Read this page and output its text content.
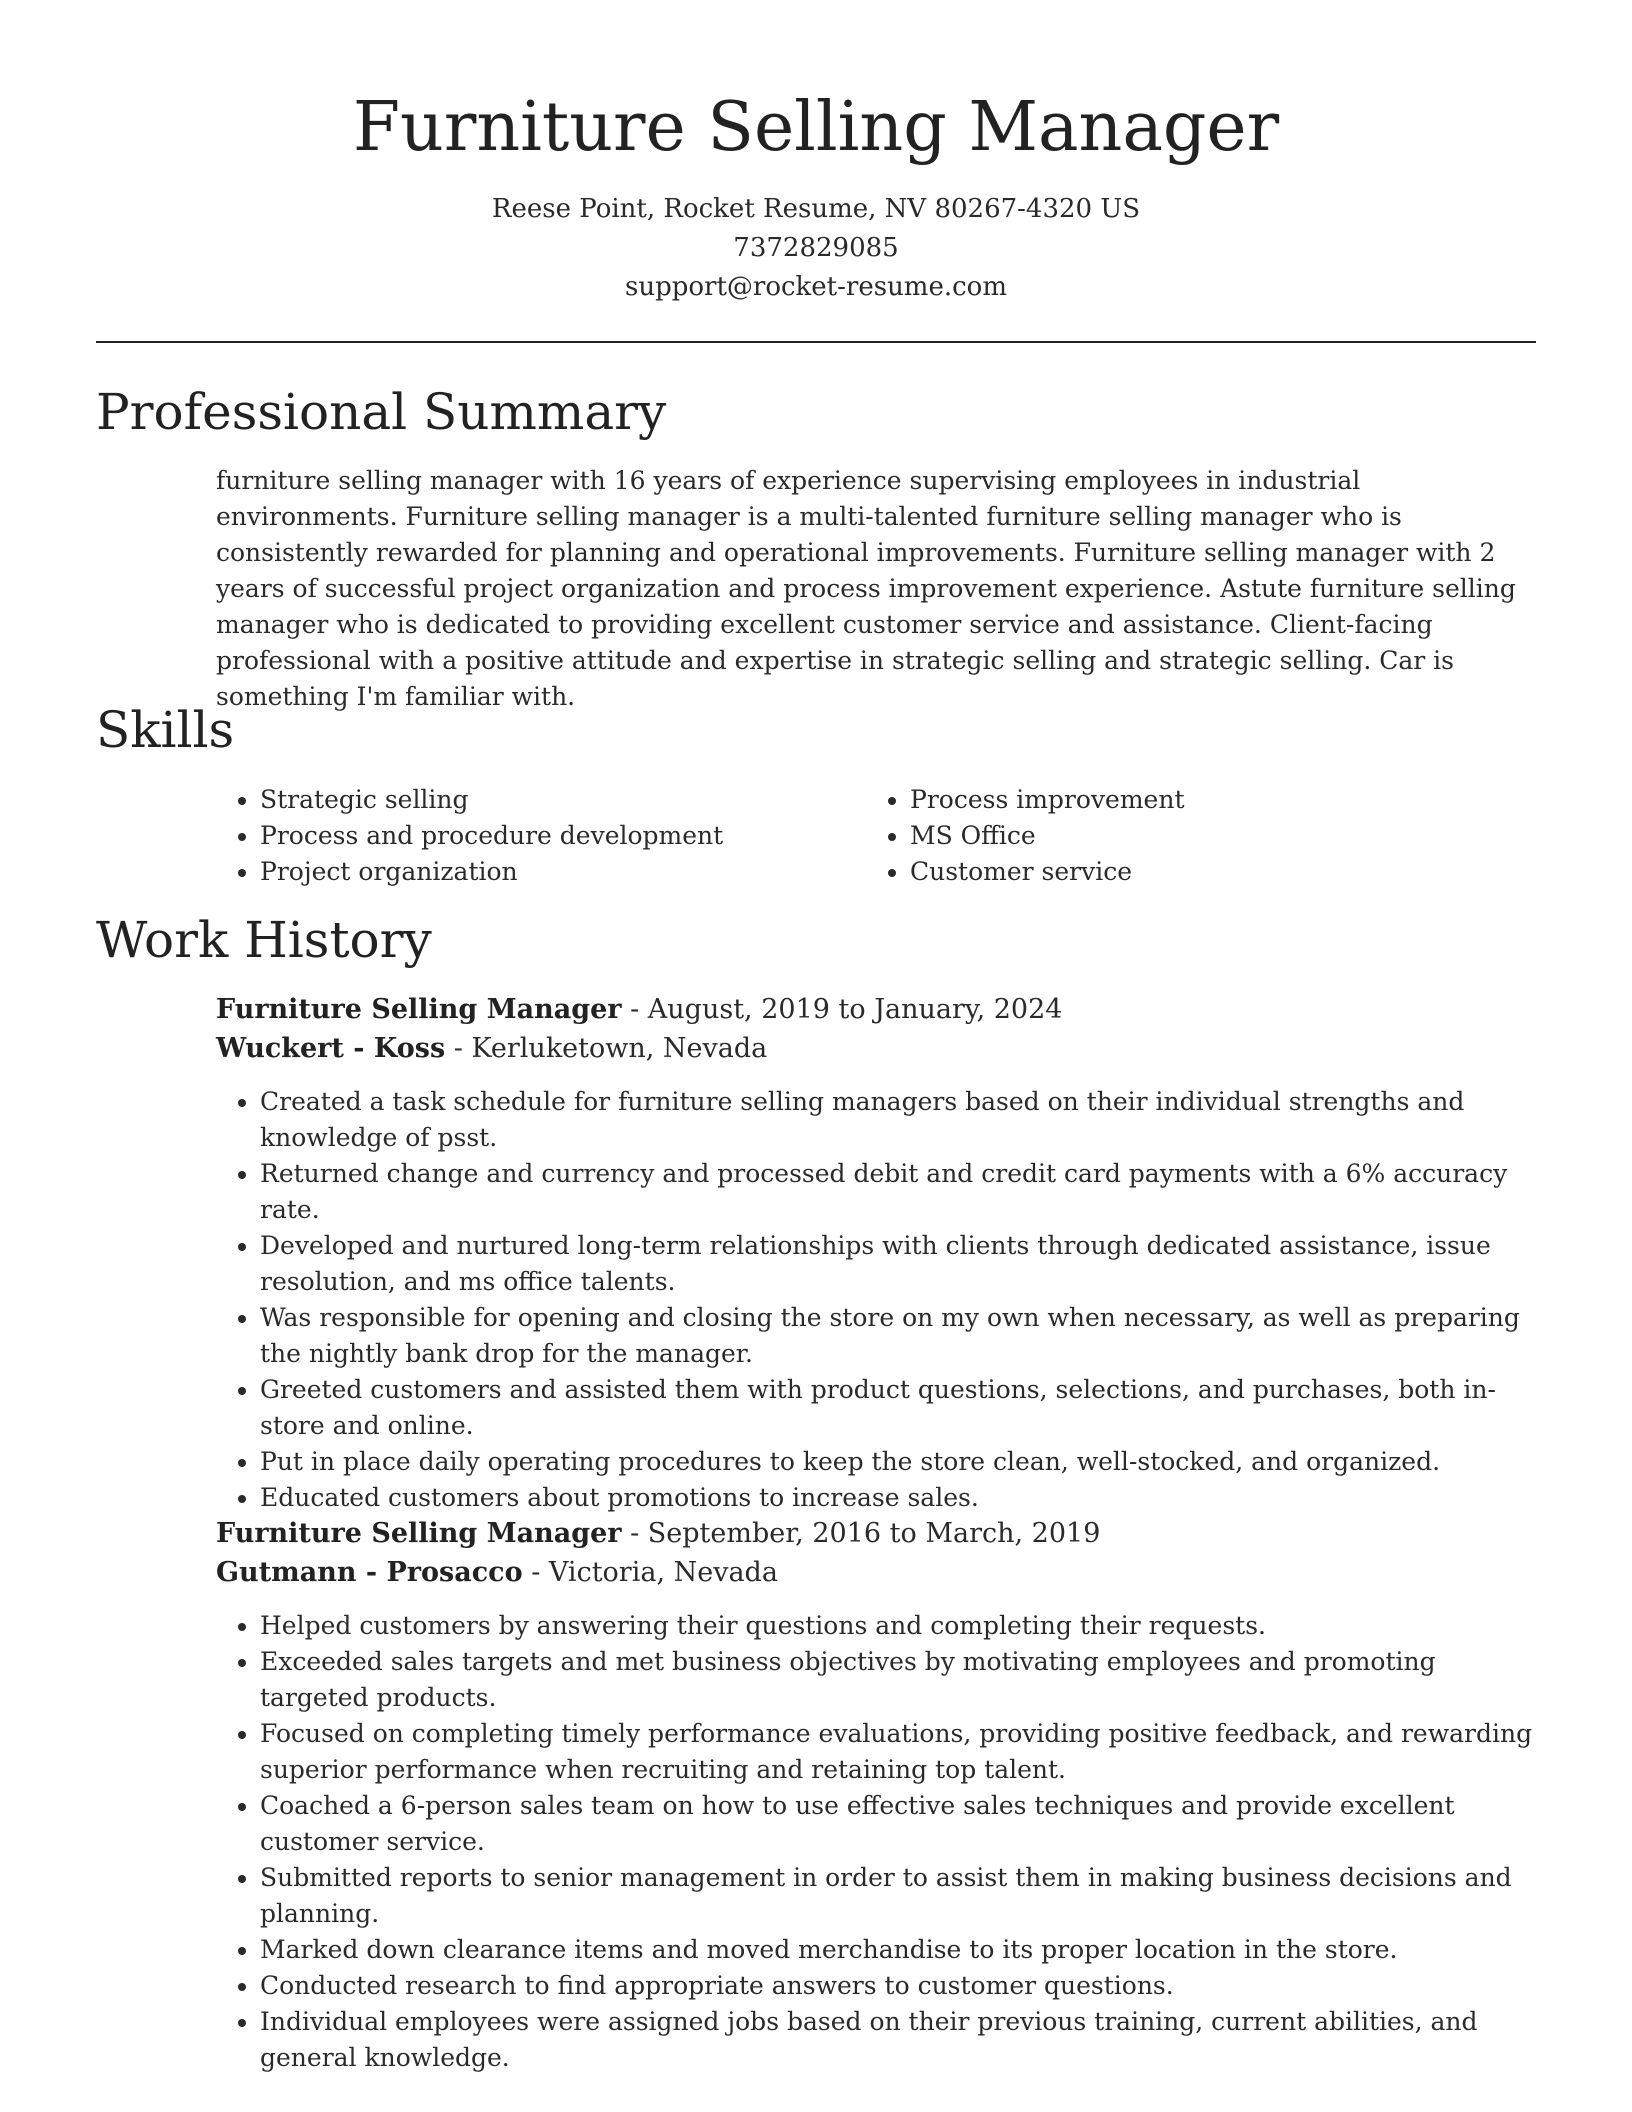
Furniture Selling Manager
Reese Point, Rocket Resume, NV 80267-4320 US
7372829085
support@rocket-resume.com
Professional Summary

furniture selling manager with 16 years of experience supervising employees in industrial environments. Furniture selling manager is a multi-talented furniture selling manager who is consistently rewarded for planning and operational improvements. Furniture selling manager with 2 years of successful project organization and process improvement experience. Astute furniture selling manager who is dedicated to providing excellent customer service and assistance. Client-facing professional with a positive attitude and expertise in strategic selling and strategic selling. Car is something I'm familiar with.

Skills
• Strategic selling
• Process and procedure development
• Project organization
• Process improvement
• MS Office
• Customer service
Work History
Furniture Selling Manager - August, 2019 to January, 2024
Wuckert - Koss - Kerluketown, Nevada
• Created a task schedule for furniture selling managers based on their individual strengths and knowledge of psst.
• Returned change and currency and processed debit and credit card payments with a 6% accuracy rate.
• Developed and nurtured long-term relationships with clients through dedicated assistance, issue resolution, and ms office talents.
• Was responsible for opening and closing the store on my own when necessary, as well as preparing the nightly bank drop for the manager.
• Greeted customers and assisted them with product questions, selections, and purchases, both in-store and online.
• Put in place daily operating procedures to keep the store clean, well-stocked, and organized.
• Educated customers about promotions to increase sales.
Furniture Selling Manager - September, 2016 to March, 2019
Gutmann - Prosacco - Victoria, Nevada
• Helped customers by answering their questions and completing their requests.
• Exceeded sales targets and met business objectives by motivating employees and promoting targeted products.
• Focused on completing timely performance evaluations, providing positive feedback, and rewarding superior performance when recruiting and retaining top talent.
• Coached a 6-person sales team on how to use effective sales techniques and provide excellent customer service.
• Submitted reports to senior management in order to assist them in making business decisions and planning.
• Marked down clearance items and moved merchandise to its proper location in the store.
• Conducted research to find appropriate answers to customer questions.
• Individual employees were assigned jobs based on their previous training, current abilities, and general knowledge.
